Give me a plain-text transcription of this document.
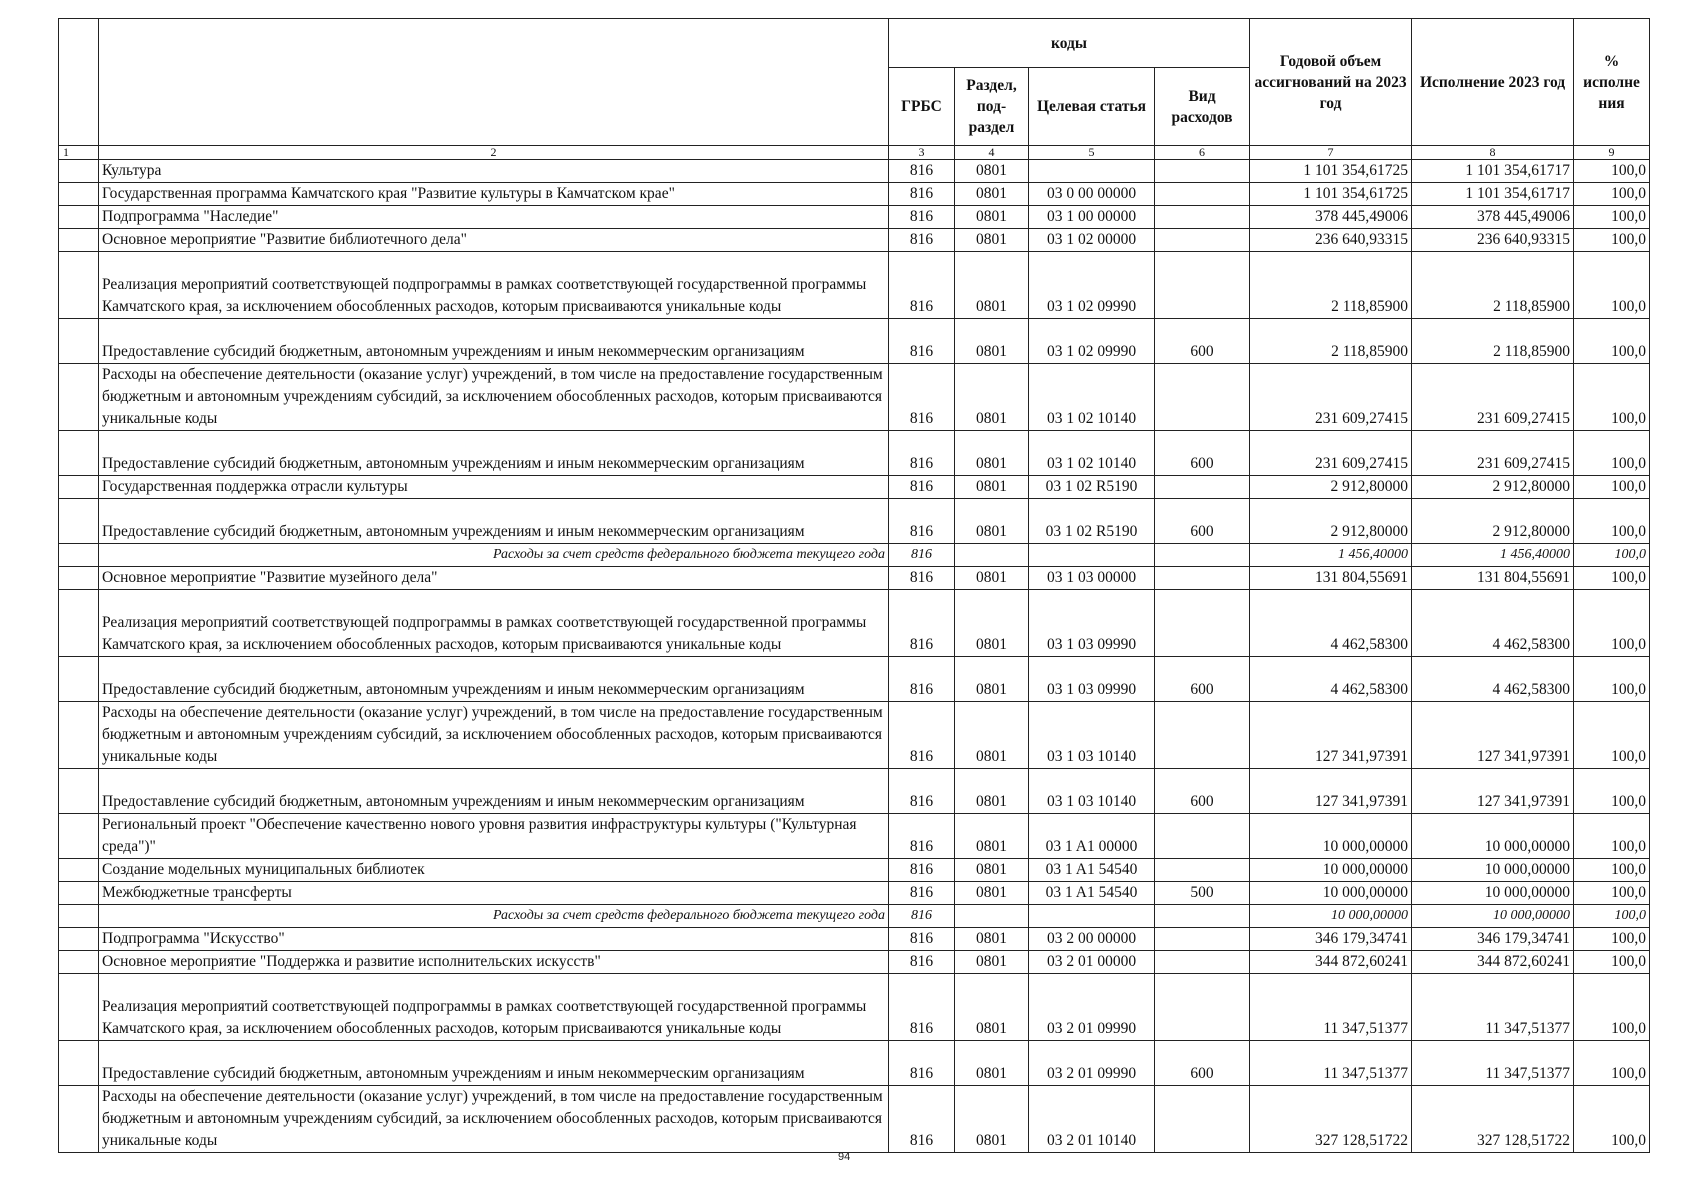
		коды				Годовой объем ассигнований на 2023 год	Исполнение 2023 год	% исполне ния
		ГРБС	Раздел, под-раздел	Целевая статья	Вид расходов			
1	2	3	4	5	6	7	8	9
	Культура	816	0801			1 101 354,61725	1 101 354,61717	100,0
	Государственная программа Камчатского края "Развитие культуры в Камчатском крае"	816	0801	03 0 00 00000		1 101 354,61725	1 101 354,61717	100,0
	Подпрограмма "Наследие"	816	0801	03 1 00 00000		378 445,49006	378 445,49006	100,0
	Основное мероприятие "Развитие библиотечного дела"	816	0801	03 1 02 00000		236 640,93315	236 640,93315	100,0
	Реализация мероприятий соответствующей подпрограммы в рамках соответствующей государственной программы Камчатского края, за исключением обособленных расходов, которым присваиваются уникальные коды	816	0801	03 1 02 09990		2 118,85900	2 118,85900	100,0
	Предоставление субсидий бюджетным, автономным учреждениям и иным некоммерческим организациям	816	0801	03 1 02 09990	600	2 118,85900	2 118,85900	100,0
	Расходы на обеспечение деятельности (оказание услуг) учреждений, в том числе на предоставление государственным бюджетным и автономным учреждениям субсидий, за исключением обособленных расходов, которым присваиваются уникальные коды	816	0801	03 1 02 10140		231 609,27415	231 609,27415	100,0
	Предоставление субсидий бюджетным, автономным учреждениям и иным некоммерческим организациям	816	0801	03 1 02 10140	600	231 609,27415	231 609,27415	100,0
	Государственная поддержка отрасли культуры	816	0801	03 1 02 R5190		2 912,80000	2 912,80000	100,0
	Предоставление субсидий бюджетным, автономным учреждениям и иным некоммерческим организациям	816	0801	03 1 02 R5190	600	2 912,80000	2 912,80000	100,0
	Расходы за счет средств федерального бюджета текущего года	816				1 456,40000	1 456,40000	100,0
	Основное мероприятие "Развитие музейного дела"	816	0801	03 1 03 00000		131 804,55691	131 804,55691	100,0
	Реализация мероприятий соответствующей подпрограммы в рамках соответствующей государственной программы Камчатского края, за исключением обособленных расходов, которым присваиваются уникальные коды	816	0801	03 1 03 09990		4 462,58300	4 462,58300	100,0
	Предоставление субсидий бюджетным, автономным учреждениям и иным некоммерческим организациям	816	0801	03 1 03 09990	600	4 462,58300	4 462,58300	100,0
	Расходы на обеспечение деятельности (оказание услуг) учреждений, в том числе на предоставление государственным бюджетным и автономным учреждениям субсидий, за исключением обособленных расходов, которым присваиваются уникальные коды	816	0801	03 1 03 10140		127 341,97391	127 341,97391	100,0
	Предоставление субсидий бюджетным, автономным учреждениям и иным некоммерческим организациям	816	0801	03 1 03 10140	600	127 341,97391	127 341,97391	100,0
	Региональный проект "Обеспечение качественно нового уровня развития инфраструктуры культуры ("Культурная среда")"	816	0801	03 1 A1 00000		10 000,00000	10 000,00000	100,0
	Создание модельных муниципальных библиотек	816	0801	03 1 A1 54540		10 000,00000	10 000,00000	100,0
	Межбюджетные трансферты	816	0801	03 1 A1 54540	500	10 000,00000	10 000,00000	100,0
	Расходы за счет средств федерального бюджета текущего года	816				10 000,00000	10 000,00000	100,0
	Подпрограмма "Искусство"	816	0801	03 2 00 00000		346 179,34741	346 179,34741	100,0
	Основное мероприятие "Поддержка и развитие исполнительских искусств"	816	0801	03 2 01 00000		344 872,60241	344 872,60241	100,0
	Реализация мероприятий соответствующей подпрограммы в рамках соответствующей государственной программы Камчатского края, за исключением обособленных расходов, которым присваиваются уникальные коды	816	0801	03 2 01 09990		11 347,51377	11 347,51377	100,0
	Предоставление субсидий бюджетным, автономным учреждениям и иным некоммерческим организациям	816	0801	03 2 01 09990	600	11 347,51377	11 347,51377	100,0
	Расходы на обеспечение деятельности (оказание услуг) учреждений, в том числе на предоставление государственным бюджетным и автономным учреждениям субсидий, за исключением обособленных расходов, которым присваиваются уникальные коды	816	0801	03 2 01 10140		327 128,51722	327 128,51722	100,0
94
